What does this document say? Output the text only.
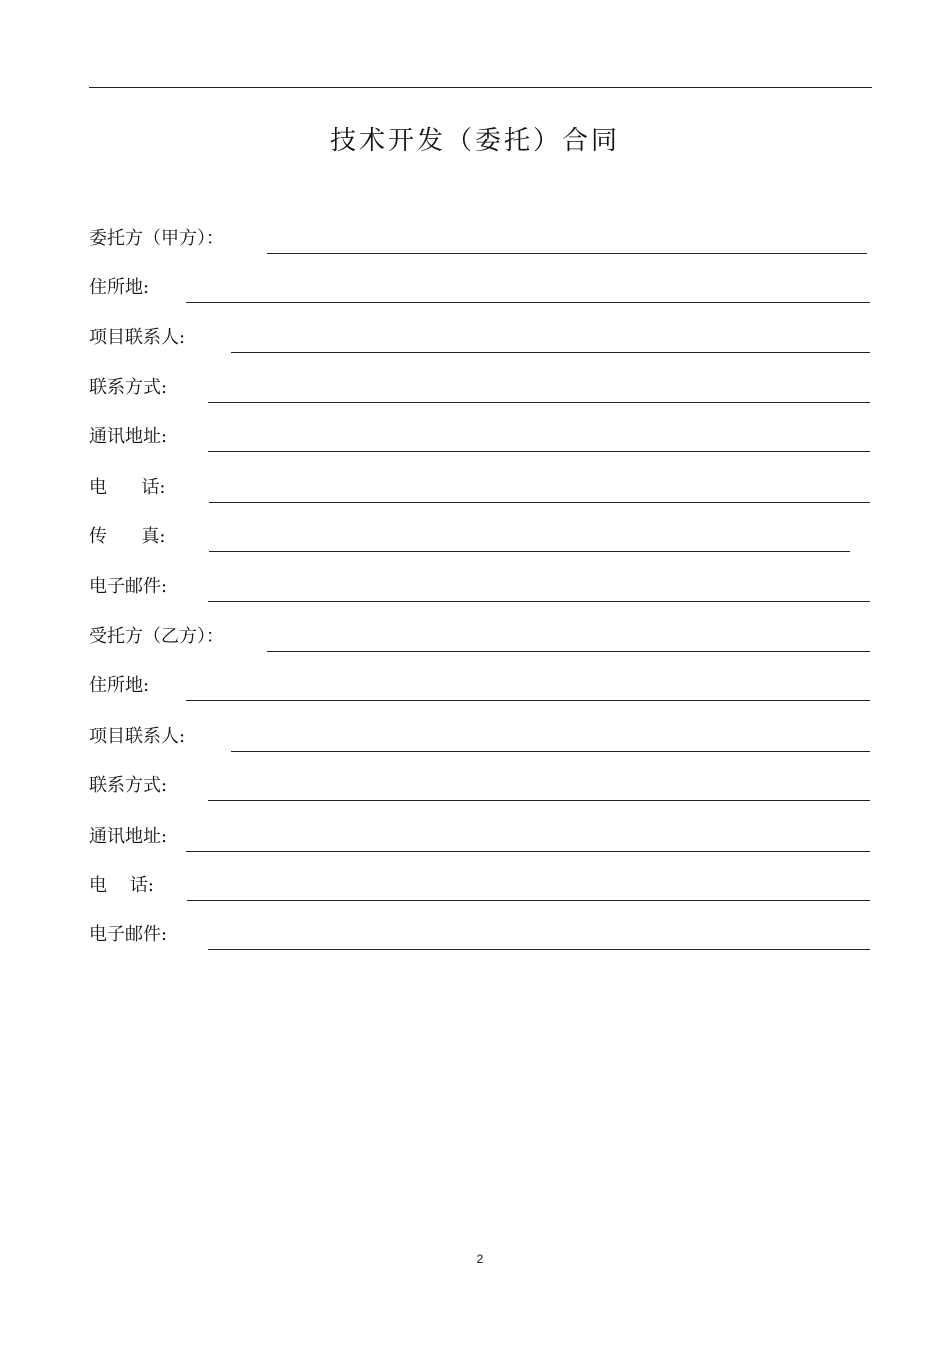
技术开发（委托）合同
委托方（甲方）：
住所地:
项目联系人:
联系方式:
通讯地址:
电      话:
传      真:
电子邮件:
受托方（乙方）：
住所地:
项目联系人:
联系方式:
通讯地址:
电    话:
电子邮件:
2
